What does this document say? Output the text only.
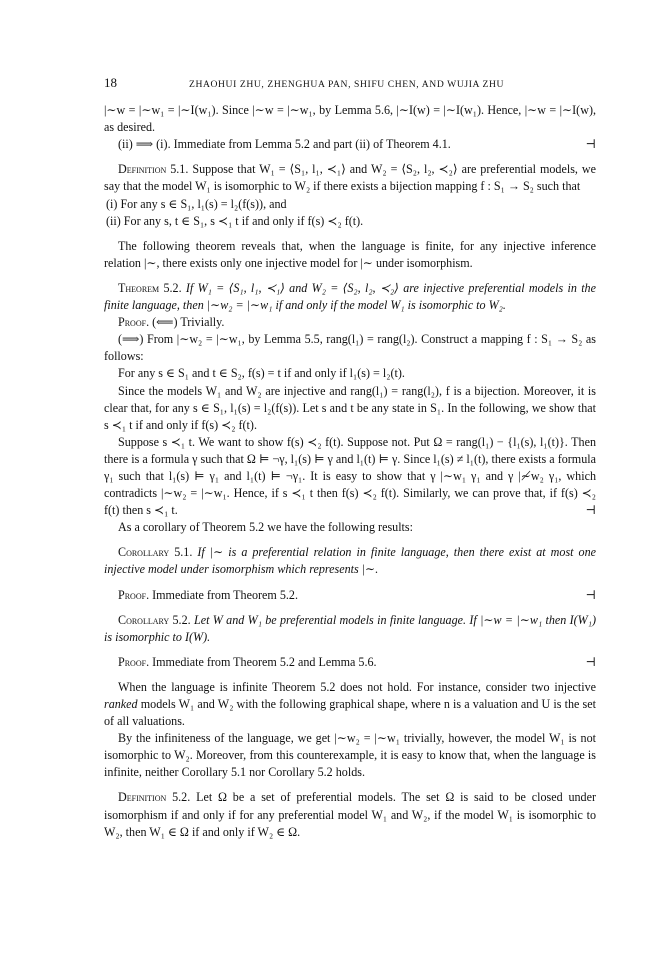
18	ZHAOHUI ZHU, ZHENGHUA PAN, SHIFU CHEN, AND WUJIA ZHU

|∼w = |∼w₁ = |∼I(w₁). Since |∼w = |∼w₁, by Lemma 5.6, |∼I(w) = |∼I(w₁). Hence, |∼w = |∼I(w), as desired.

(ii) ⟹ (i). Immediate from Lemma 5.2 and part (ii) of Theorem 4.1.	⊣

Definition 5.1. Suppose that W₁ = ⟨S₁, l₁, ≺₁⟩ and W₂ = ⟨S₂, l₂, ≺₂⟩ are preferential models, we say that the model W₁ is isomorphic to W₂ if there exists a bijection mapping f : S₁ → S₂ such that

(i) For any s ∈ S₁, l₁(s) = l₂(f(s)), and

(ii) For any s, t ∈ S₁, s ≺₁ t if and only if f(s) ≺₂ f(t).

The following theorem reveals that, when the language is finite, for any injective inference relation |∼, there exists only one injective model for |∼ under isomorphism.

Theorem 5.2. If W₁ = ⟨S₁, l₁, ≺₁⟩ and W₂ = ⟨S₂, l₂, ≺₂⟩ are injective preferential models in the finite language, then |∼w₂ = |∼w₁ if and only if the model W₁ is isomorphic to W₂.

Proof. (⟸) Trivially.

(⟹) From |∼w₂ = |∼w₁, by Lemma 5.5, rang(l₁) = rang(l₂). Construct a mapping f : S₁ → S₂ as follows:

For any s ∈ S₁ and t ∈ S₂, f(s) = t if and only if l₁(s) = l₂(t).

Since the models W₁ and W₂ are injective and rang(l₁) = rang(l₂), f is a bijection. Moreover, it is clear that, for any s ∈ S₁, l₁(s) = l₂(f(s)). Let s and t be any state in S₁. In the following, we show that s ≺₁ t if and only if f(s) ≺₂ f(t).

Suppose s ≺₁ t. We want to show f(s) ≺₂ f(t). Suppose not. Put Ω = rang(l₁) − {l₁(s), l₁(t)}. Then there is a formula γ such that Ω ⊨ ¬γ, l₁(s) ⊨ γ and l₁(t) ⊨ γ. Since l₁(s) ≠ l₁(t), there exists a formula γ₁ such that l₁(s) ⊨ γ₁ and l₁(t) ⊨ ¬γ₁. It is easy to show that γ |∼w₁ γ₁ and γ |≁w₂ γ₁, which contradicts |∼w₂ = |∼w₁. Hence, if s ≺₁ t then f(s) ≺₂ f(t). Similarly, we can prove that, if f(s) ≺₂ f(t) then s ≺₁ t.	⊣

As a corollary of Theorem 5.2 we have the following results:

Corollary 5.1. If |∼ is a preferential relation in finite language, then there exist at most one injective model under isomorphism which represents |∼.

Proof. Immediate from Theorem 5.2.	⊣

Corollary 5.2. Let W and W₁ be preferential models in finite language. If |∼w = |∼w₁ then I(W₁) is isomorphic to I(W).

Proof. Immediate from Theorem 5.2 and Lemma 5.6.	⊣

When the language is infinite Theorem 5.2 does not hold. For instance, consider two injective ranked models W₁ and W₂ with the following graphical shape, where n is a valuation and U is the set of all valuations.

By the infiniteness of the language, we get |∼w₂ = |∼w₁ trivially, however, the model W₁ is not isomorphic to W₂. Moreover, from this counterexample, it is easy to know that, when the language is infinite, neither Corollary 5.1 nor Corollary 5.2 holds.

Definition 5.2. Let Ω be a set of preferential models. The set Ω is said to be closed under isomorphism if and only if for any preferential model W₁ and W₂, if the model W₁ is isomorphic to W₂, then W₁ ∈ Ω if and only if W₂ ∈ Ω.
